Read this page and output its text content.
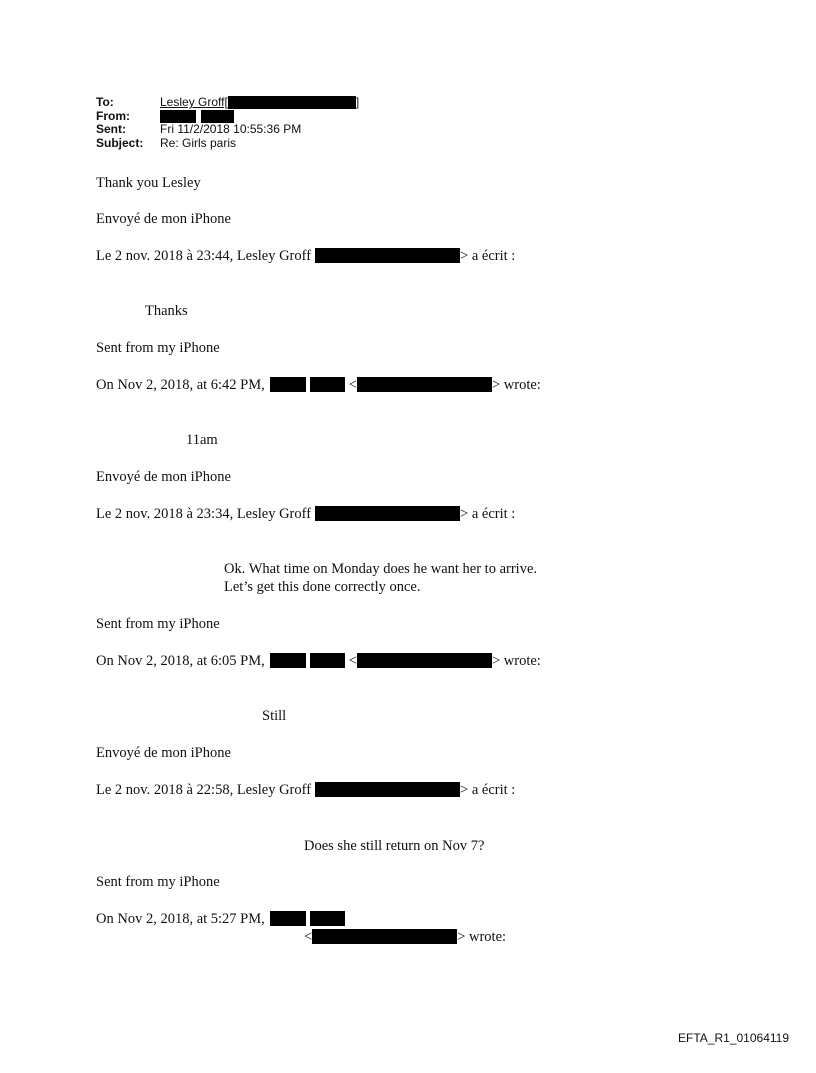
To:	Lesley Groff[	]
From:
Sent:	Fri 11/2/2018 10:55:36 PM
Subject:	Re: Girls paris
Thank you Lesley
Envoyé de mon iPhone
Le 2 nov. 2018 à 23:44, Lesley Groff	> a écrit :
Thanks
Sent from my iPhone
On Nov 2, 2018, at 6:42 PM,	<	> wrote:
11am
Envoyé de mon iPhone
Le 2 nov. 2018 à 23:34, Lesley Groff	> a écrit :
Ok. What time on Monday does he want her to arrive.
Let’s get this done correctly once.
Sent from my iPhone
On Nov 2, 2018, at 6:05 PM,	<	> wrote:
Still
Envoyé de mon iPhone
Le 2 nov. 2018 à 22:58, Lesley Groff	> a écrit :
Does she still return on Nov 7?
Sent from my iPhone
On Nov 2, 2018, at 5:27 PM,
<	> wrote:
EFTA_R1_01064119
